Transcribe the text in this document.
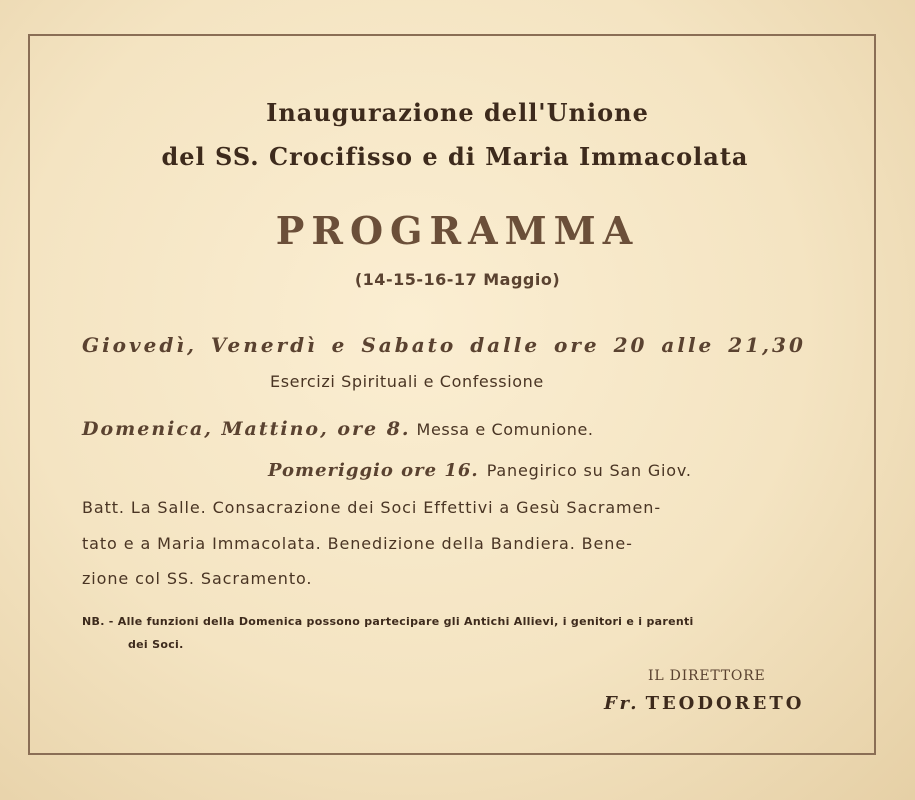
Inaugurazione dell'Unione
del SS. Crocifisso e di Maria Immacolata
PROGRAMMA
(14-15-16-17 Maggio)
Giovedì, Venerdì e Sabato dalle ore 20 alle 21,30
Esercizi Spirituali e Confessione
Domenica, Mattino, ore 8. Messa e Comunione.
Pomeriggio ore 16. Panegirico su San Giov.
Batt. La Salle. Consacrazione dei Soci Effettivi a Gesù Sacramen-
tato e a Maria Immacolata. Benedizione della Bandiera. Bene-
zione col SS. Sacramento.
NB. - Alle funzioni della Domenica possono partecipare gli Antichi Allievi, i genitori e i parenti
dei Soci.
IL DIRETTORE
Fr. TEODORETO
